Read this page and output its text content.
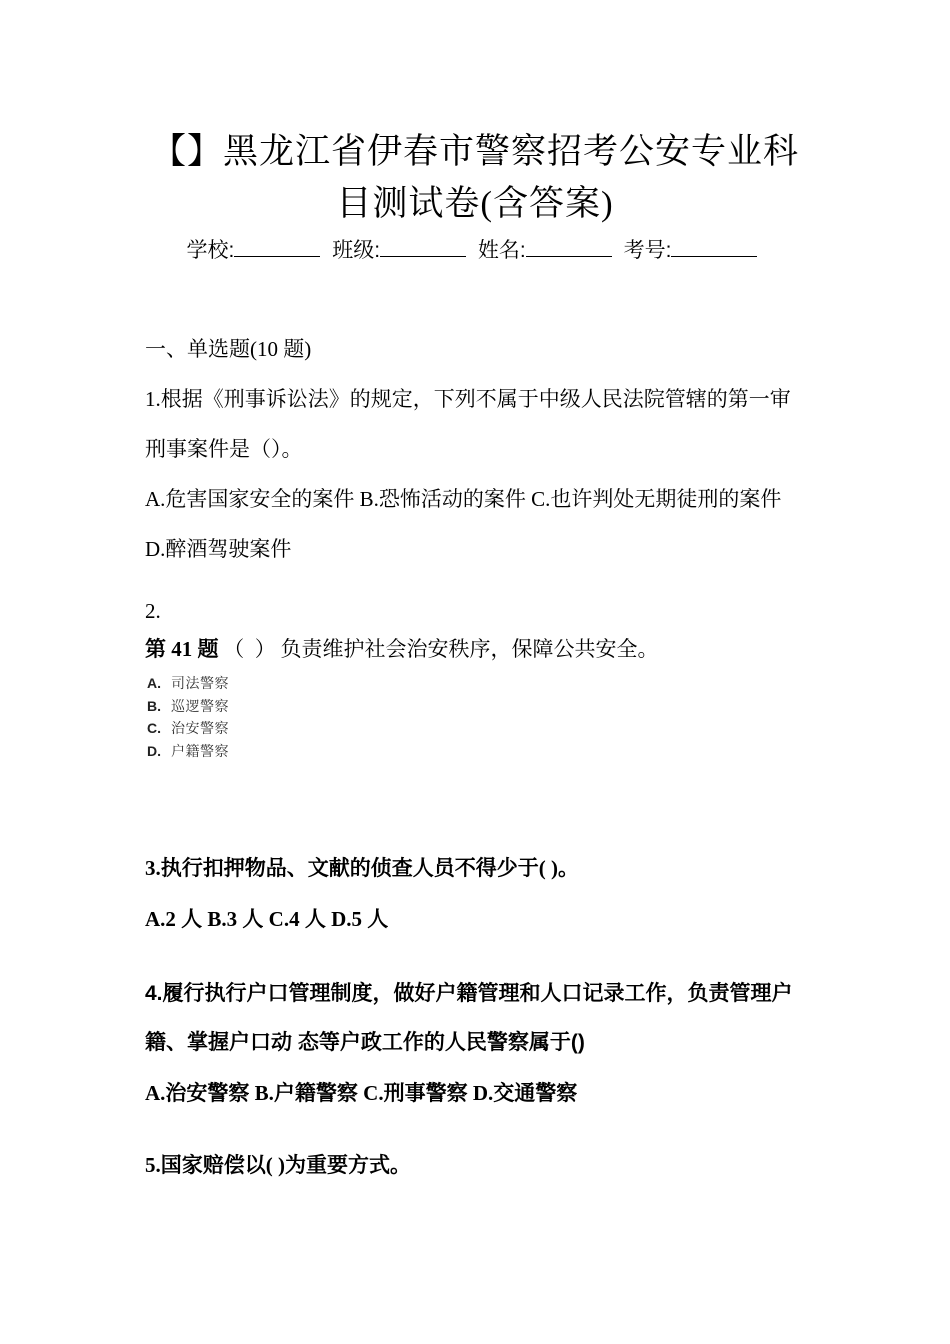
【】黑龙江省伊春市警察招考公安专业科
目测试卷(含答案)
学校:	班级:	姓名:	考号:
一、单选题(10 题)
1.根据《刑事诉讼法》的规定，下列不属于中级人民法院管辖的第一审
刑事案件是（）。
A.危害国家安全的案件 B.恐怖活动的案件 C.也许判处无期徒刑的案件
D.醉酒驾驶案件
2.
第 41 题 （ ） 负责维护社会治安秩序，保障公共安全。
A. 司法警察
B. 巡逻警察
C. 治安警察
D. 户籍警察
3.执行扣押物品、文献的侦查人员不得少于( )。
A.2 人 B.3 人 C.4 人 D.5 人
4.履行执行户口管理制度，做好户籍管理和人口记录工作，负责管理户
籍、掌握户口动 态等户政工作的人民警察属于()
A.治安警察 B.户籍警察 C.刑事警察 D.交通警察
5.国家赔偿以( )为重要方式。
